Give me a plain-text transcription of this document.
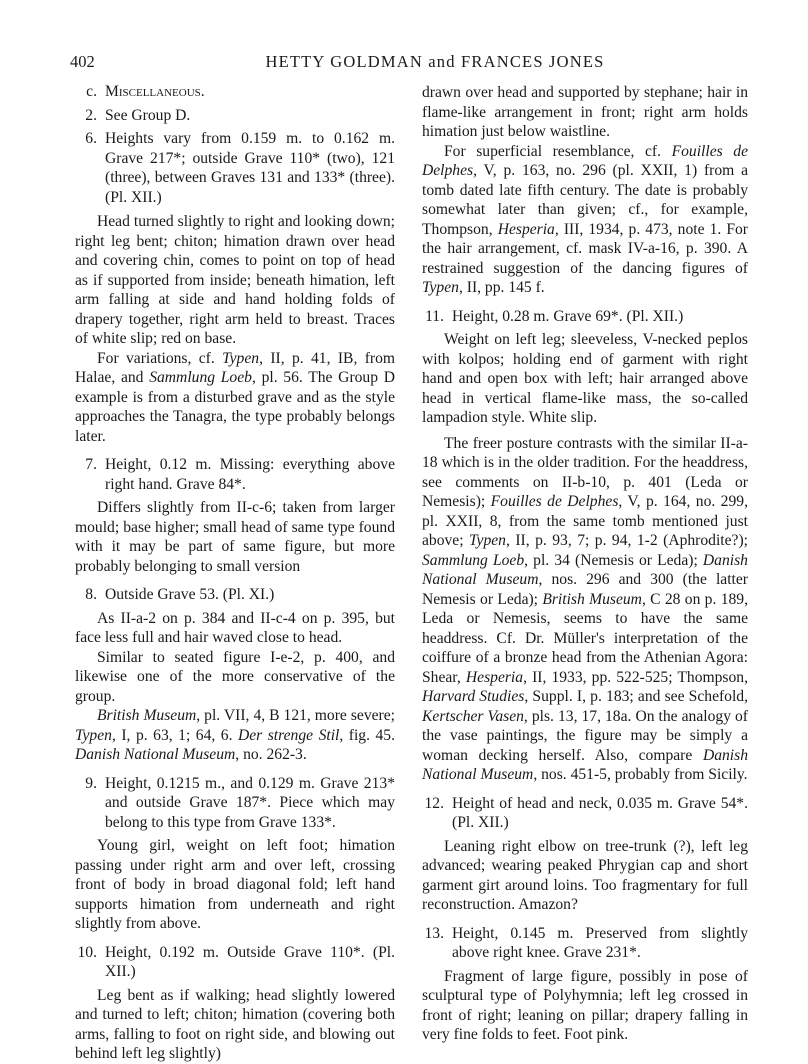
402	HETTY GOLDMAN and FRANCES JONES
c. Miscellaneous.
2. See Group D.
6. Heights vary from 0.159 m. to 0.162 m. Grave 217*; outside Grave 110* (two), 121 (three), between Graves 131 and 133* (three). (Pl. XII.)

Head turned slightly to right and looking down; right leg bent; chiton; himation drawn over head and covering chin, comes to point on top of head as if supported from inside; beneath himation, left arm falling at side and hand holding folds of drapery together, right arm held to breast. Traces of white slip; red on base.

For variations, cf. Typen, II, p. 41, IB, from Halae, and Sammlung Loeb, pl. 56. The Group D example is from a disturbed grave and as the style approaches the Tanagra, the type probably belongs later.

7. Height, 0.12 m. Missing: everything above right hand. Grave 84*.

Differs slightly from II-c-6; taken from larger mould; base higher; small head of same type found with it may be part of same figure, but more probably belonging to small version

8. Outside Grave 53. (Pl. XI.)

As II-a-2 on p. 384 and II-c-4 on p. 395, but face less full and hair waved close to head.

Similar to seated figure I-e-2, p. 400, and likewise one of the more conservative of the group.

British Museum, pl. VII, 4, B 121, more severe; Typen, I, p. 63, 1; 64, 6. Der strenge Stil, fig. 45. Danish National Museum, no. 262-3.

9. Height, 0.1215 m., and 0.129 m. Grave 213* and outside Grave 187*. Piece which may belong to this type from Grave 133*.

Young girl, weight on left foot; himation passing under right arm and over left, crossing front of body in broad diagonal fold; left hand supports himation from underneath and right slightly from above.

10. Height, 0.192 m. Outside Grave 110*. (Pl. XII.)

Leg bent as if walking; head slightly lowered and turned to left; chiton; himation (covering both arms, falling to foot on right side, and blowing out behind left leg slightly)

drawn over head and supported by stephane; hair in flame-like arrangement in front; right arm holds himation just below waistline.

For superficial resemblance, cf. Fouilles de Delphes, V, p. 163, no. 296 (pl. XXII, 1) from a tomb dated late fifth century. The date is probably somewhat later than given; cf., for example, Thompson, Hesperia, III, 1934, p. 473, note 1. For the hair arrangement, cf. mask IV-a-16, p. 390. A restrained suggestion of the dancing figures of Typen, II, pp. 145 f.

11. Height, 0.28 m. Grave 69*. (Pl. XII.)

Weight on left leg; sleeveless, V-necked peplos with kolpos; holding end of garment with right hand and open box with left; hair arranged above head in vertical flame-like mass, the so-called lampadion style. White slip.

The freer posture contrasts with the similar II-a-18 which is in the older tradition. For the headdress, see comments on II-b-10, p. 401 (Leda or Nemesis); Fouilles de Delphes, V, p. 164, no. 299, pl. XXII, 8, from the same tomb mentioned just above; Typen, II, p. 93, 7; p. 94, 1-2 (Aphrodite?); Sammlung Loeb, pl. 34 (Nemesis or Leda); Danish National Museum, nos. 296 and 300 (the latter Nemesis or Leda); British Museum, C 28 on p. 189, Leda or Nemesis, seems to have the same headdress. Cf. Dr. Müller's interpretation of the coiffure of a bronze head from the Athenian Agora: Shear, Hesperia, II, 1933, pp. 522-525; Thompson, Harvard Studies, Suppl. I, p. 183; and see Schefold, Kertscher Vasen, pls. 13, 17, 18a. On the analogy of the vase paintings, the figure may be simply a woman decking herself. Also, compare Danish National Museum, nos. 451-5, probably from Sicily.

12. Height of head and neck, 0.035 m. Grave 54*. (Pl. XII.)

Leaning right elbow on tree-trunk (?), left leg advanced; wearing peaked Phrygian cap and short garment girt around loins. Too fragmentary for full reconstruction. Amazon?

13. Height, 0.145 m. Preserved from slightly above right knee. Grave 231*.

Fragment of large figure, possibly in pose of sculptural type of Polyhymnia; left leg crossed in front of right; leaning on pillar; drapery falling in very fine folds to feet. Foot pink.
